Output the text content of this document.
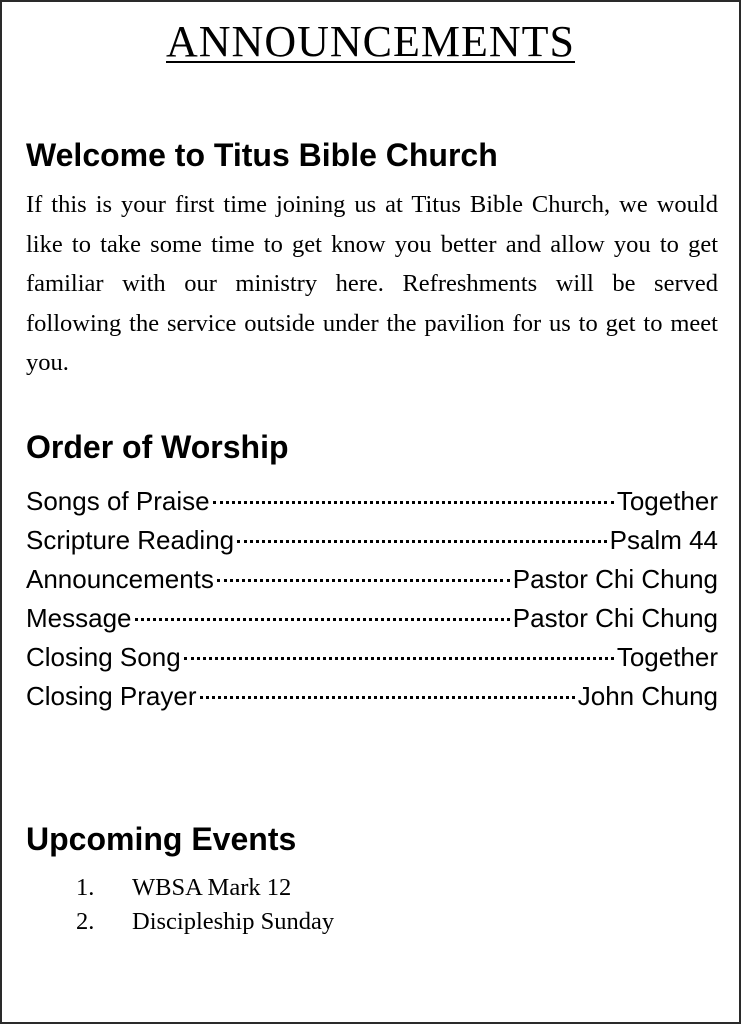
ANNOUNCEMENTS
Welcome to Titus Bible Church
If this is your first time joining us at Titus Bible Church, we would like to take some time to get know you better and allow you to get familiar with our ministry here. Refreshments will be served following the service outside under the pavilion for us to get to meet you.
Order of Worship
Songs of Praise	Together
Scripture Reading	Psalm 44
Announcements	Pastor Chi Chung
Message	Pastor Chi Chung
Closing Song	Together
Closing Prayer	John Chung
Upcoming Events
1.	WBSA Mark 12
2.	Discipleship Sunday
